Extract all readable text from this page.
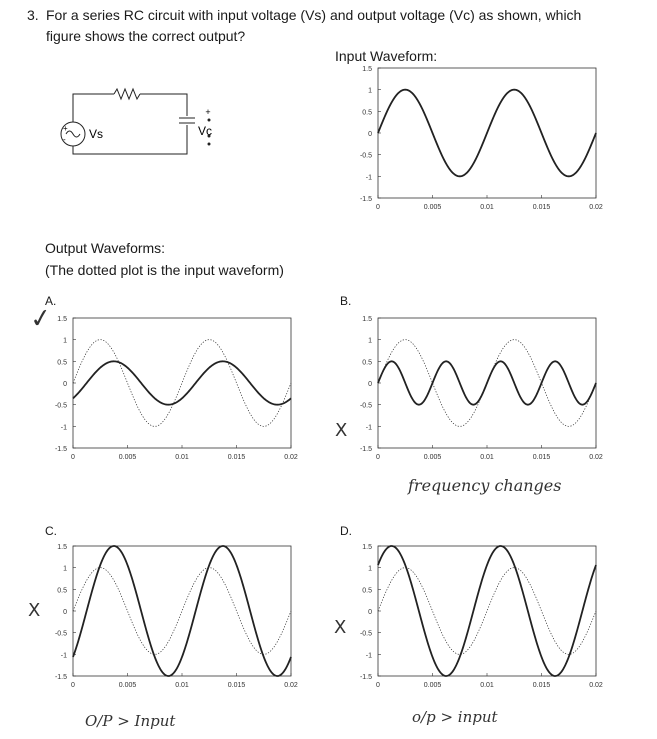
3. For a series RC circuit with input voltage (Vs) and output voltage (Vc) as shown, which
figure shows the correct output?
+
+
- Vs	Vc
Input Waveform:
Output Waveforms:
(The dotted plot is the input waveform)
A.	B.
C.	D.
1.5
1
0.5
0
-0.5
-1
-1.5
0	0.005	0.01	0.015	0.02
1.5
1
0.5
0
-0.5
-1
-1.5
0	0.005	0.01	0.015	0.02
1.5
1
0.5
0
-0.5
-1
-1.5
0	0.005	0.01	0.015	0.02
1.5
1
0.5
0
-0.5
-1
-1.5
0	0.005	0.01	0.015	0.02
1.5
1
0.5
0
-0.5
-1
-1.5
0	0.005	0.01	0.015	0.02
✓
X
X
X
frequency changes
O/P > Input	o/p > input
